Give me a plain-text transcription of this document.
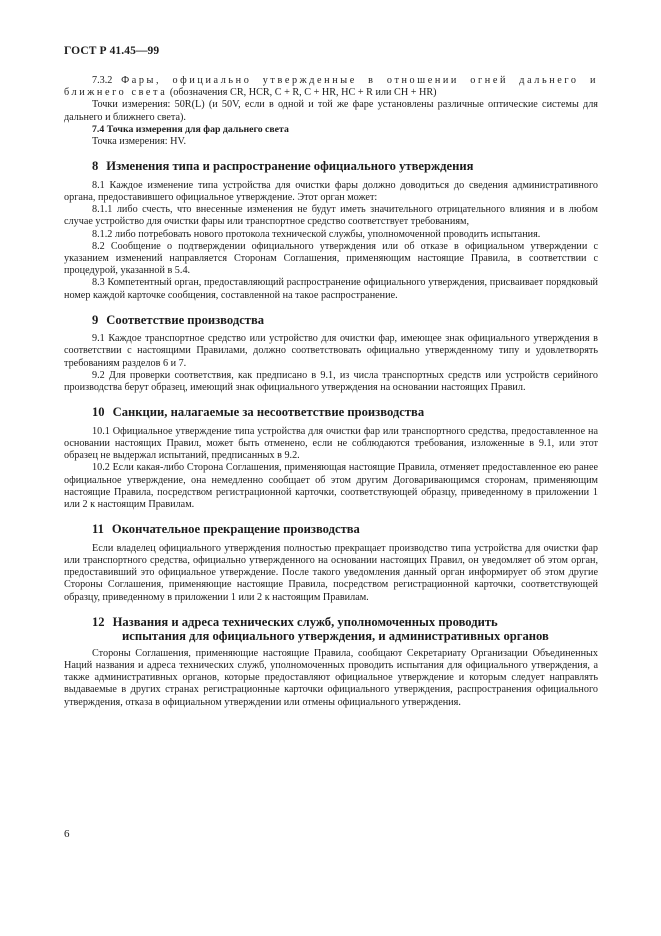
ГОСТ Р 41.45—99

7.3.2 Фары, официально утвержденные в отношении огней дальнего и ближнего света (обозначения CR, HCR, C + R, C + HR, HC + R или CH + HR)

Точки измерения: 50R(L) (и 50V, если в одной и той же фаре установлены различные оптические системы для дальнего и ближнего света).

7.4 Точка измерения для фар дальнего света

Точка измерения: HV.

8 Изменения типа и распространение официального утверждения

8.1 Каждое изменение типа устройства для очистки фары должно доводиться до сведения административного органа, предоставившего официальное утверждение. Этот орган может:

8.1.1 либо счесть, что внесенные изменения не будут иметь значительного отрицательного влияния и в любом случае устройство для очистки фары или транспортное средство соответствует требованиям,

8.1.2 либо потребовать нового протокола технической службы, уполномоченной проводить испытания.

8.2 Сообщение о подтверждении официального утверждения или об отказе в официальном утверждении с указанием изменений направляется Сторонам Соглашения, применяющим настоящие Правила, в соответствии с процедурой, указанной в 5.4.

8.3 Компетентный орган, предоставляющий распространение официального утверждения, присваивает порядковый номер каждой карточке сообщения, составленной на такое распространение.

9 Соответствие производства

9.1 Каждое транспортное средство или устройство для очистки фар, имеющее знак официального утверждения в соответствии с настоящими Правилами, должно соответствовать официально утвержденному типу и удовлетворять требованиям разделов 6 и 7.

9.2 Для проверки соответствия, как предписано в 9.1, из числа транспортных средств или устройств серийного производства берут образец, имеющий знак официального утверждения на основании настоящих Правил.

10 Санкции, налагаемые за несоответствие производства

10.1 Официальное утверждение типа устройства для очистки фар или транспортного средства, предоставленное на основании настоящих Правил, может быть отменено, если не соблюдаются требования, изложенные в 9.1, или этот образец не выдержал испытаний, предписанных в 9.2.

10.2 Если какая-либо Сторона Соглашения, применяющая настоящие Правила, отменяет предоставленное ею ранее официальное утверждение, она немедленно сообщает об этом другим Договаривающимся сторонам, применяющим настоящие Правила, посредством регистрационной карточки, соответствующей образцу, приведенному в приложении 1 или 2 к настоящим Правилам.

11 Окончательное прекращение производства

Если владелец официального утверждения полностью прекращает производство типа устройства для очистки фар или транспортного средства, официально утвержденного на основании настоящих Правил, он уведомляет об этом орган, предоставивший это официальное утверждение. После такого уведомления данный орган информирует об этом другие Стороны Соглашения, применяющие настоящие Правила, посредством регистрационной карточки, соответствующей образцу, приведенному в приложении 1 или 2 к настоящим Правилам.

12 Названия и адреса технических служб, уполномоченных проводить
испытания для официального утверждения, и административных органов

Стороны Соглашения, применяющие настоящие Правила, сообщают Секретариату Организации Объединенных Наций названия и адреса технических служб, уполномоченных проводить испытания для официального утверждения, а также административных органов, которые предоставляют официальное утверждение и которым следует направлять выдаваемые в других странах регистрационные карточки официального утверждения, распространения официального утверждения, отказа в официальном утверждении или отмены официального утверждения.

6
